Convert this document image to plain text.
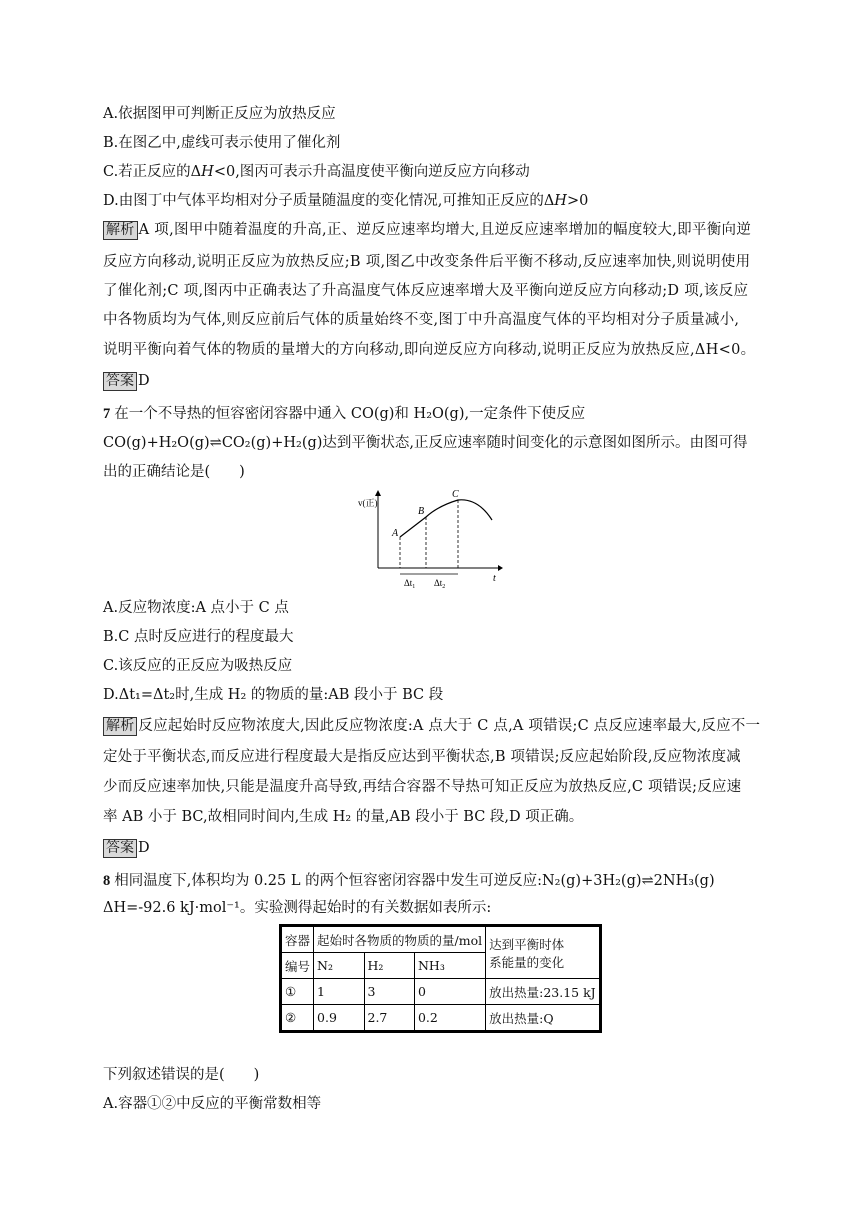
A.依据图甲可判断正反应为放热反应
B.在图乙中,虚线可表示使用了催化剂
C.若正反应的ΔH<0,图丙可表示升高温度使平衡向逆反应方向移动
D.由图丁中气体平均相对分子质量随温度的变化情况,可推知正反应的ΔH>0
解析 A 项,图甲中随着温度的升高,正、逆反应速率均增大,且逆反应速率增加的幅度较大,即平衡向逆
反应方向移动,说明正反应为放热反应;B 项,图乙中改变条件后平衡不移动,反应速率加快,则说明使用
了催化剂;C 项,图丙中正确表达了升高温度气体反应速率增大及平衡向逆反应方向移动;D 项,该反应
中各物质均为气体,则反应前后气体的质量始终不变,图丁中升高温度气体的平均相对分子质量减小,
说明平衡向着气体的物质的量增大的方向移动,即向逆反应方向移动,说明正反应为放热反应,ΔH<0。
答案 D
7 在一个不导热的恒容密闭容器中通入 CO(g)和 H₂O(g),一定条件下使反应
CO(g)+H₂O(g)⇌CO₂(g)+H₂(g)达到平衡状态,正反应速率随时间变化的示意图如图所示。由图可得
出的正确结论是(　　)
v(正)
t
A
B
C
$\Delta t_1$ $\Delta t_2$
A.反应物浓度:A 点小于 C 点
B.C 点时反应进行的程度最大
C.该反应的正反应为吸热反应
D.Δt₁=Δt₂时,生成 H₂ 的物质的量:AB 段小于 BC 段
解析 反应起始时反应物浓度大,因此反应物浓度:A 点大于 C 点,A 项错误;C 点反应速率最大,反应不一
定处于平衡状态,而反应进行程度最大是指反应达到平衡状态,B 项错误;反应起始阶段,反应物浓度减
少而反应速率加快,只能是温度升高导致,再结合容器不导热可知正反应为放热反应,C 项错误;反应速
率 AB 小于 BC,故相同时间内,生成 H₂ 的量,AB 段小于 BC 段,D 项正确。
答案 D
8 相同温度下,体积均为 0.25 L 的两个恒容密闭容器中发生可逆反应:N₂(g)+3H₂(g)⇌2NH₃(g)
ΔH=-92.6 kJ·mol⁻¹。实验测得起始时的有关数据如表所示:
容器	起始时各物质的物质的量/mol			达到平衡时体
系能量的变化

编号	N₂	H₂	NH₃	
①	1	3	0	放出热量:23.15 kJ
②	0.9	2.7	0.2	放出热量:Q
下列叙述错误的是(　　)
A.容器①②中反应的平衡常数相等
